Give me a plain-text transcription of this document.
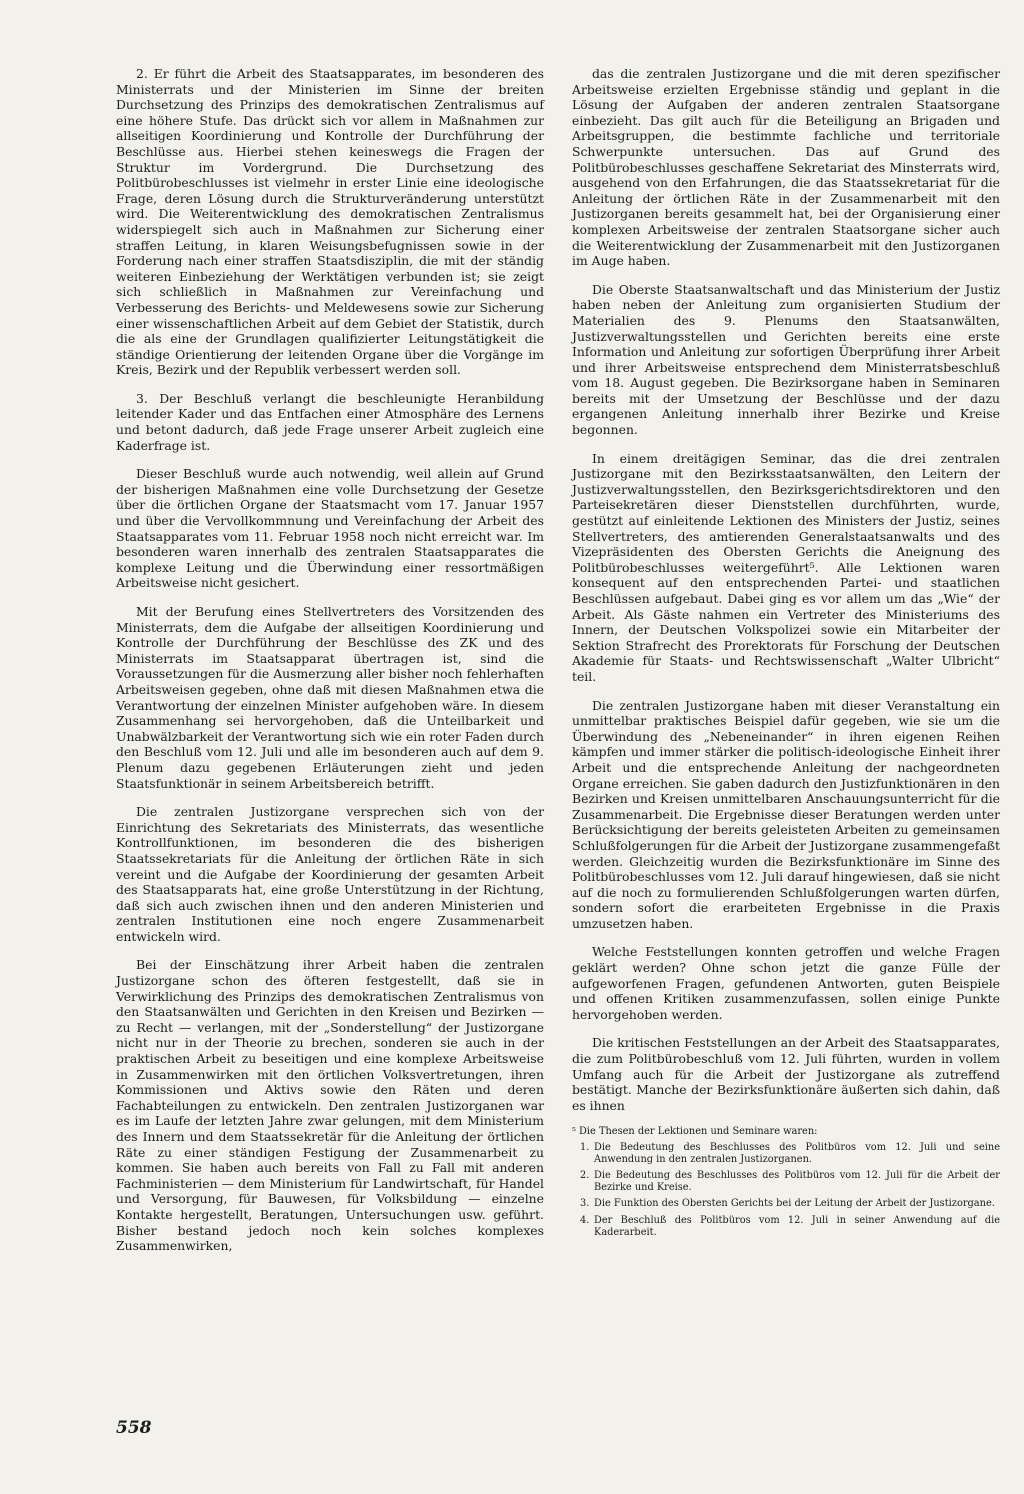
2. Er führt die Arbeit des Staatsapparates, im besonderen des Ministerrats und der Ministerien im Sinne der breiten Durchsetzung des Prinzips des demokratischen Zentralismus auf eine höhere Stufe. Das drückt sich vor allem in Maßnahmen zur allseitigen Koordinierung und Kontrolle der Durchführung der Beschlüsse aus. Hierbei stehen keineswegs die Fragen der Struktur im Vordergrund. Die Durchsetzung des Politbürobeschlusses ist vielmehr in erster Linie eine ideologische Frage, deren Lösung durch die Strukturveränderung unterstützt wird. Die Weiterentwicklung des demokratischen Zentralismus widerspiegelt sich auch in Maßnahmen zur Sicherung einer straffen Leitung, in klaren Weisungsbefugnissen sowie in der Forderung nach einer straffen Staatsdisziplin, die mit der ständig weiteren Einbeziehung der Werktätigen verbunden ist; sie zeigt sich schließlich in Maßnahmen zur Vereinfachung und Verbesserung des Berichts- und Meldewesens sowie zur Sicherung einer wissenschaftlichen Arbeit auf dem Gebiet der Statistik, durch die als eine der Grundlagen qualifizierter Leitungstätigkeit die ständige Orientierung der leitenden Organe über die Vorgänge im Kreis, Bezirk und der Republik verbessert werden soll.

3. Der Beschluß verlangt die beschleunigte Heranbildung leitender Kader und das Entfachen einer Atmosphäre des Lernens und betont dadurch, daß jede Frage unserer Arbeit zugleich eine Kaderfrage ist.

Dieser Beschluß wurde auch notwendig, weil allein auf Grund der bisherigen Maßnahmen eine volle Durchsetzung der Gesetze über die örtlichen Organe der Staatsmacht vom 17. Januar 1957 und über die Vervollkommnung und Vereinfachung der Arbeit des Staatsapparates vom 11. Februar 1958 noch nicht erreicht war. Im besonderen waren innerhalb des zentralen Staatsapparates die komplexe Leitung und die Überwindung einer ressortmäßigen Arbeitsweise nicht gesichert.

Mit der Berufung eines Stellvertreters des Vorsitzenden des Ministerrats, dem die Aufgabe der allseitigen Koordinierung und Kontrolle der Durchführung der Beschlüsse des ZK und des Ministerrats im Staatsapparat übertragen ist, sind die Voraussetzungen für die Ausmerzung aller bisher noch fehlerhaften Arbeitsweisen gegeben, ohne daß mit diesen Maßnahmen etwa die Verantwortung der einzelnen Minister aufgehoben wäre. In diesem Zusammenhang sei hervorgehoben, daß die Unteilbarkeit und Unabwälzbarkeit der Verantwortung sich wie ein roter Faden durch den Beschluß vom 12. Juli und alle im besonderen auch auf dem 9. Plenum dazu gegebenen Erläuterungen zieht und jeden Staatsfunktionär in seinem Arbeitsbereich betrifft.

Die zentralen Justizorgane versprechen sich von der Einrichtung des Sekretariats des Ministerrats, das wesentliche Kontrollfunktionen, im besonderen die des bisherigen Staatssekretariats für die Anleitung der örtlichen Räte in sich vereint und die Aufgabe der Koordinierung der gesamten Arbeit des Staatsapparats hat, eine große Unterstützung in der Richtung, daß sich auch zwischen ihnen und den anderen Ministerien und zentralen Institutionen eine noch engere Zusammenarbeit entwickeln wird.

Bei der Einschätzung ihrer Arbeit haben die zentralen Justizorgane schon des öfteren festgestellt, daß sie in Verwirklichung des Prinzips des demokratischen Zentralismus von den Staatsanwälten und Gerichten in den Kreisen und Bezirken — zu Recht — verlangen, mit der „Sonderstellung“ der Justizorgane nicht nur in der Theorie zu brechen, sonderen sie auch in der praktischen Arbeit zu beseitigen und eine komplexe Arbeitsweise in Zusammenwirken mit den örtlichen Volksvertretungen, ihren Kommissionen und Aktivs sowie den Räten und deren Fachabteilungen zu entwickeln. Den zentralen Justizorganen war es im Laufe der letzten Jahre zwar gelungen, mit dem Ministerium des Innern und dem Staatssekretär für die Anleitung der örtlichen Räte zu einer ständigen Festigung der Zusammenarbeit zu kommen. Sie haben auch bereits von Fall zu Fall mit anderen Fachministerien — dem Ministerium für Landwirtschaft, für Handel und Versorgung, für Bauwesen, für Volksbildung — einzelne Kontakte hergestellt, Beratungen, Untersuchungen usw. geführt. Bisher bestand jedoch noch kein solches komplexes Zusammenwirken,

das die zentralen Justizorgane und die mit deren spezifischer Arbeitsweise erzielten Ergebnisse ständig und geplant in die Lösung der Aufgaben der anderen zentralen Staatsorgane einbezieht. Das gilt auch für die Beteiligung an Brigaden und Arbeitsgruppen, die bestimmte fachliche und territoriale Schwerpunkte untersuchen. Das auf Grund des Politbürobeschlusses geschaffene Sekretariat des Minsterrats wird, ausgehend von den Erfahrungen, die das Staatssekretariat für die Anleitung der örtlichen Räte in der Zusammenarbeit mit den Justizorganen bereits gesammelt hat, bei der Organisierung einer komplexen Arbeitsweise der zentralen Staatsorgane sicher auch die Weiterentwicklung der Zusammenarbeit mit den Justizorganen im Auge haben.

Die Oberste Staatsanwaltschaft und das Ministerium der Justiz haben neben der Anleitung zum organisierten Studium der Materialien des 9. Plenums den Staatsanwälten, Justizverwaltungsstellen und Gerichten bereits eine erste Information und Anleitung zur sofortigen Überprüfung ihrer Arbeit und ihrer Arbeitsweise entsprechend dem Ministerratsbeschluß vom 18. August gegeben. Die Bezirksorgane haben in Seminaren bereits mit der Umsetzung der Beschlüsse und der dazu ergangenen Anleitung innerhalb ihrer Bezirke und Kreise begonnen.

In einem dreitägigen Seminar, das die drei zentralen Justizorgane mit den Bezirksstaatsanwälten, den Leitern der Justizverwaltungsstellen, den Bezirksgerichtsdirektoren und den Parteisekretären dieser Dienststellen durchführten, wurde, gestützt auf einleitende Lektionen des Ministers der Justiz, seines Stellvertreters, des amtierenden Generalstaatsanwalts und des Vizepräsidenten des Obersten Gerichts die Aneignung des Politbürobeschlusses weitergeführt⁵. Alle Lektionen waren konsequent auf den entsprechenden Partei- und staatlichen Beschlüssen aufgebaut. Dabei ging es vor allem um das „Wie“ der Arbeit. Als Gäste nahmen ein Vertreter des Ministeriums des Innern, der Deutschen Volkspolizei sowie ein Mitarbeiter der Sektion Strafrecht des Prorektorats für Forschung der Deutschen Akademie für Staats- und Rechtswissenschaft „Walter Ulbricht“ teil.

Die zentralen Justizorgane haben mit dieser Veranstaltung ein unmittelbar praktisches Beispiel dafür gegeben, wie sie um die Überwindung des „Nebeneinander“ in ihren eigenen Reihen kämpfen und immer stärker die politisch-ideologische Einheit ihrer Arbeit und die entsprechende Anleitung der nachgeordneten Organe erreichen. Sie gaben dadurch den Justizfunktionären in den Bezirken und Kreisen unmittelbaren Anschauungsunterricht für die Zusammenarbeit. Die Ergebnisse dieser Beratungen werden unter Berücksichtigung der bereits geleisteten Arbeiten zu gemeinsamen Schlußfolgerungen für die Arbeit der Justizorgane zusammengefaßt werden. Gleichzeitig wurden die Bezirksfunktionäre im Sinne des Politbürobeschlusses vom 12. Juli darauf hingewiesen, daß sie nicht auf die noch zu formulierenden Schlußfolgerungen warten dürfen, sondern sofort die erarbeiteten Ergebnisse in die Praxis umzusetzen haben.

Welche Feststellungen konnten getroffen und welche Fragen geklärt werden? Ohne schon jetzt die ganze Fülle der aufgeworfenen Fragen, gefundenen Antworten, guten Beispiele und offenen Kritiken zusammenzufassen, sollen einige Punkte hervorgehoben werden.

Die kritischen Feststellungen an der Arbeit des Staatsapparates, die zum Politbürobeschluß vom 12. Juli führten, wurden in vollem Umfang auch für die Arbeit der Justizorgane als zutreffend bestätigt. Manche der Bezirksfunktionäre äußerten sich dahin, daß es ihnen

⁵ Die Thesen der Lektionen und Seminare waren:
1. Die Bedeutung des Beschlusses des Politbüros vom 12. Juli und seine Anwendung in den zentralen Justizorganen.
2. Die Bedeutung des Beschlusses des Politbüros vom 12. Juli für die Arbeit der Bezirke und Kreise.
3. Die Funktion des Obersten Gerichts bei der Leitung der Arbeit der Justizorgane.
4. Der Beschluß des Politbüros vom 12. Juli in seiner Anwendung auf die Kaderarbeit.
558
